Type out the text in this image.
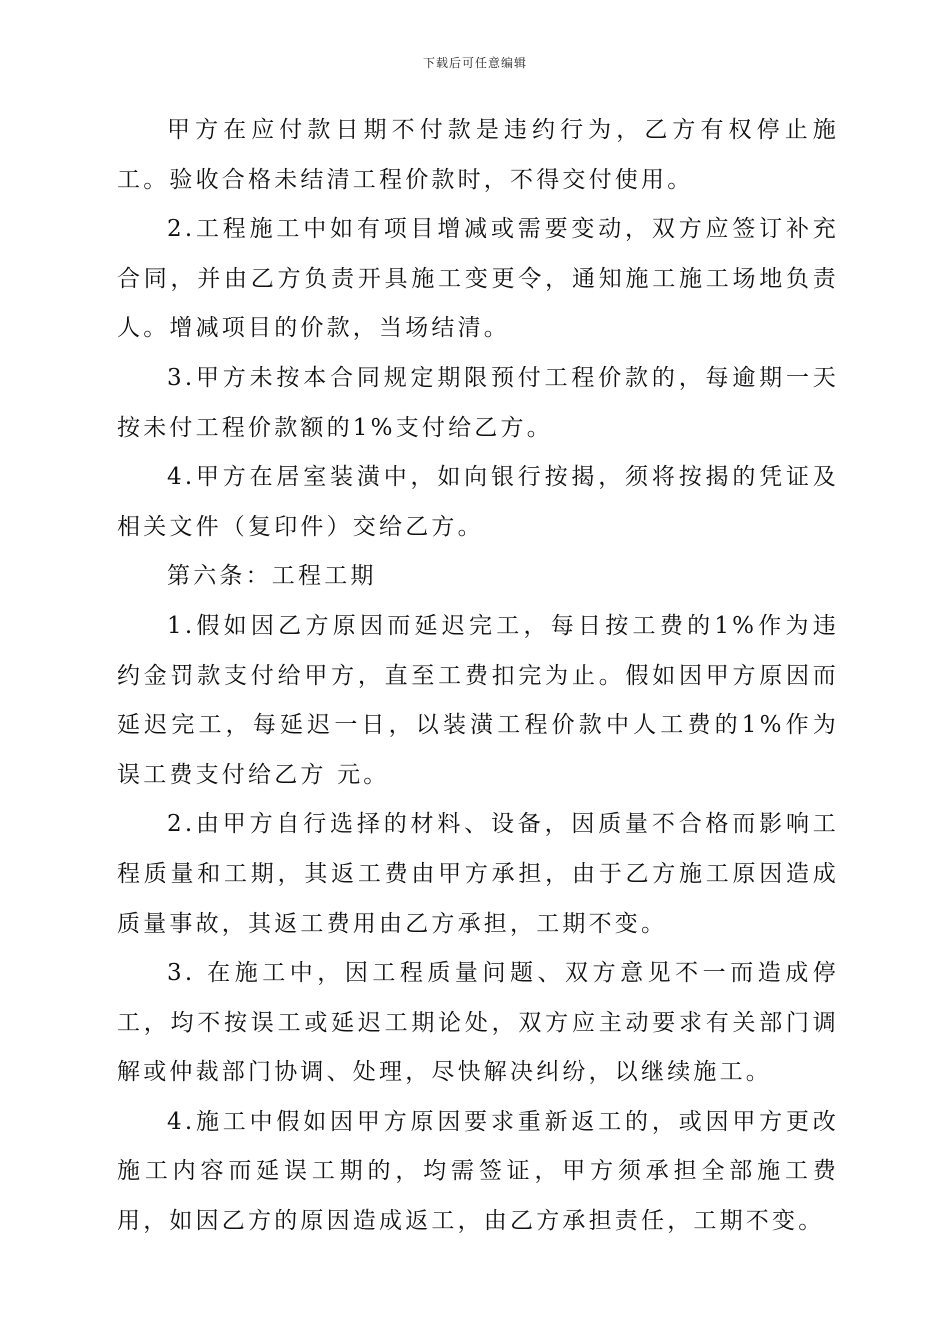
下载后可任意编辑

甲方在应付款日期不付款是违约行为，乙方有权停止施工。验收合格未结清工程价款时，不得交付使用。

2.工程施工中如有项目增减或需要变动，双方应签订补充合同，并由乙方负责开具施工变更令，通知施工施工场地负责人。增减项目的价款，当场结清。

3.甲方未按本合同规定期限预付工程价款的，每逾期一天按未付工程价款额的1%支付给乙方。

4.甲方在居室装潢中，如向银行按揭，须将按揭的凭证及相关文件（复印件）交给乙方。

第六条：工程工期

1.假如因乙方原因而延迟完工，每日按工费的1%作为违约金罚款支付给甲方，直至工费扣完为止。假如因甲方原因而延迟完工，每延迟一日，以装潢工程价款中人工费的1%作为误工费支付给乙方 元。

2.由甲方自行选择的材料、设备，因质量不合格而影响工程质量和工期，其返工费由甲方承担，由于乙方施工原因造成质量事故，其返工费用由乙方承担，工期不变。

3. 在施工中，因工程质量问题、双方意见不一而造成停工，均不按误工或延迟工期论处，双方应主动要求有关部门调解或仲裁部门协调、处理，尽快解决纠纷，以继续施工。

4.施工中假如因甲方原因要求重新返工的，或因甲方更改施工内容而延误工期的，均需签证，甲方须承担全部施工费用，如因乙方的原因造成返工，由乙方承担责任，工期不变。
